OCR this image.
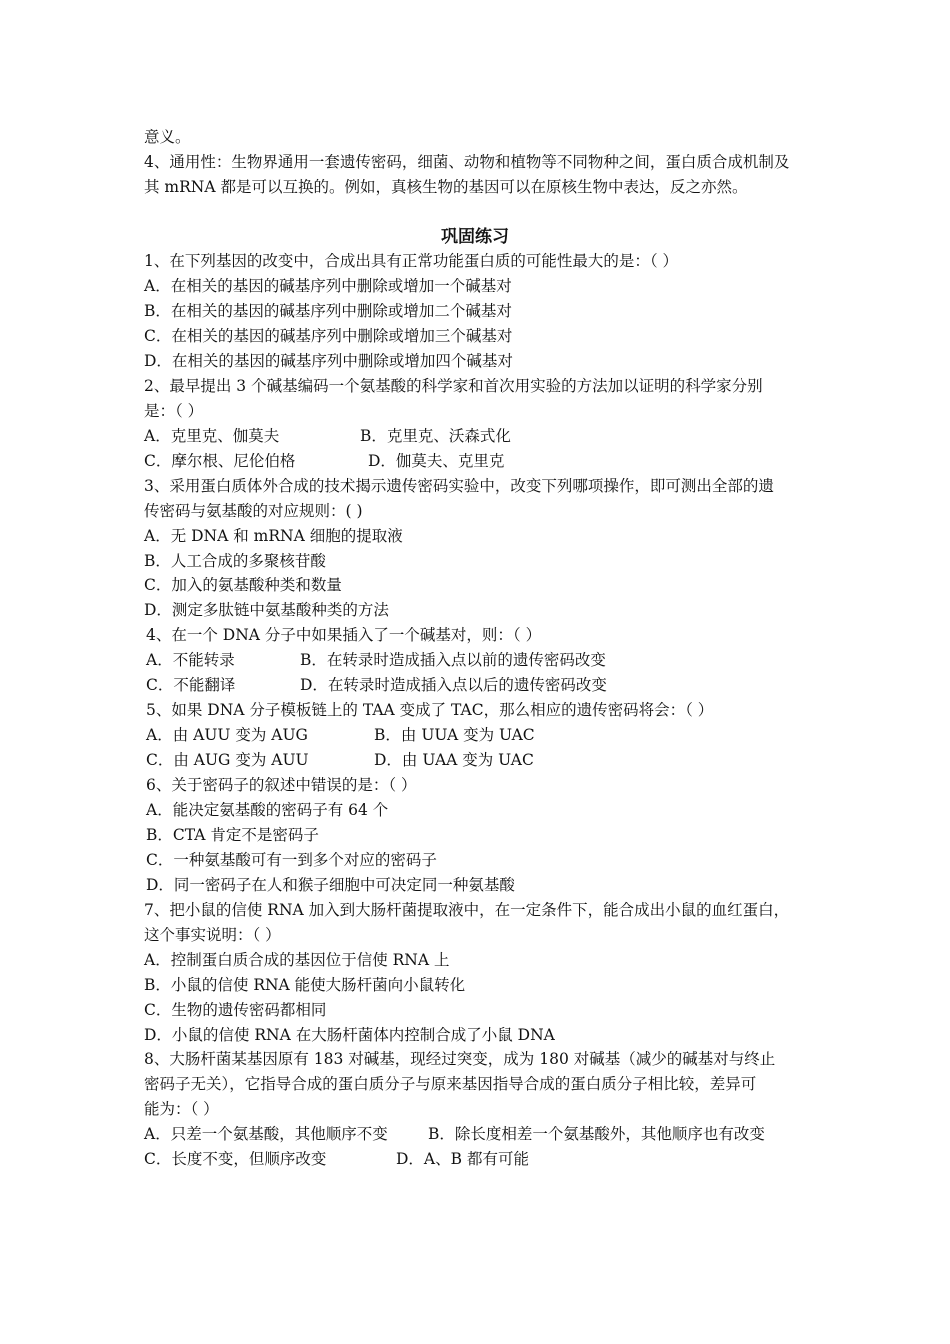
意义。
4、通用性：生物界通用一套遗传密码，细菌、动物和植物等不同物种之间，蛋白质合成机制及
其 mRNA 都是可以互换的。例如，真核生物的基因可以在原核生物中表达，反之亦然。
巩固练习
1、在下列基因的改变中，合成出具有正常功能蛋白质的可能性最大的是：（ ）
A．在相关的基因的碱基序列中删除或增加一个碱基对
B．在相关的基因的碱基序列中删除或增加二个碱基对
C．在相关的基因的碱基序列中删除或增加三个碱基对
D．在相关的基因的碱基序列中删除或增加四个碱基对
2、最早提出 3 个碱基编码一个氨基酸的科学家和首次用实验的方法加以证明的科学家分别
是：（ ）
A．克里克、伽莫夫	B．克里克、沃森式化
C．摩尔根、尼伦伯格	D．伽莫夫、克里克
3、采用蛋白质体外合成的技术揭示遗传密码实验中，改变下列哪项操作，即可测出全部的遗
传密码与氨基酸的对应规则：( )
A．无 DNA 和 mRNA 细胞的提取液
B．人工合成的多聚核苷酸
C．加入的氨基酸种类和数量
D．测定多肽链中氨基酸种类的方法
4、在一个 DNA 分子中如果插入了一个碱基对，则：（ ）
A．不能转录	B．在转录时造成插入点以前的遗传密码改变
C．不能翻译	D．在转录时造成插入点以后的遗传密码改变
5、如果 DNA 分子模板链上的 TAA 变成了 TAC，那么相应的遗传密码将会：（ ）
A．由 AUU 变为 AUG	B．由 UUA 变为 UAC
C．由 AUG 变为 AUU	D．由 UAA 变为 UAC
6、关于密码子的叙述中错误的是：（ ）
A．能决定氨基酸的密码子有 64 个
B．CTA 肯定不是密码子
C．一种氨基酸可有一到多个对应的密码子
D．同一密码子在人和猴子细胞中可决定同一种氨基酸
7、把小鼠的信使 RNA 加入到大肠杆菌提取液中，在一定条件下，能合成出小鼠的血红蛋白，
这个事实说明：（ ）
A．控制蛋白质合成的基因位于信使 RNA 上
B．小鼠的信使 RNA 能使大肠杆菌向小鼠转化
C．生物的遗传密码都相同
D．小鼠的信使 RNA 在大肠杆菌体内控制合成了小鼠 DNA
8、大肠杆菌某基因原有 183 对碱基，现经过突变，成为 180 对碱基（减少的碱基对与终止
密码子无关），它指导合成的蛋白质分子与原来基因指导合成的蛋白质分子相比较，差异可
能为：（ ）
A．只差一个氨基酸，其他顺序不变	B．除长度相差一个氨基酸外，其他顺序也有改变
C．长度不变，但顺序改变	D．A、B 都有可能
